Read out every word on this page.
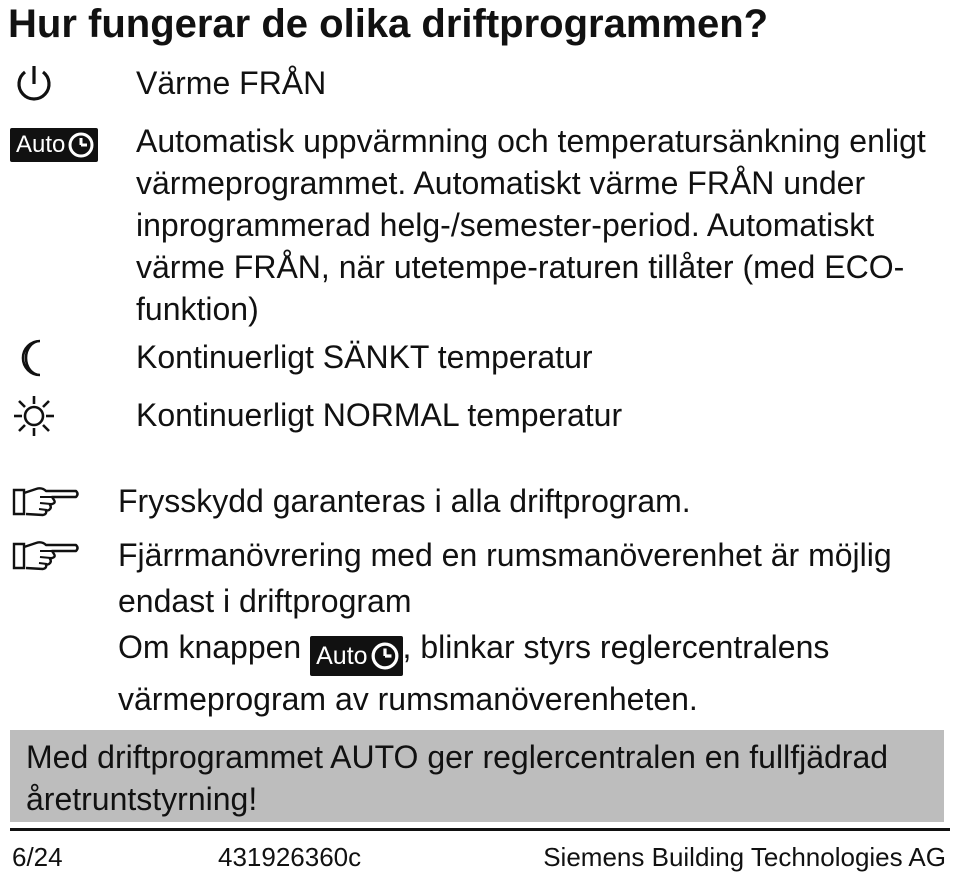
Hur fungerar de olika driftprogrammen?
Värme FRÅN
Auto Automatisk uppvärmning och temperatursänkning enligt värmeprogrammet. Automatiskt värme FRÅN under inprogrammerad helg-/semester-period. Automatiskt värme FRÅN, när utetempe-raturen tillåter (med ECO-funktion)
Kontinuerligt SÄNKT temperatur
Kontinuerligt NORMAL temperatur
Frysskydd garanteras i alla driftprogram.
Fjärrmanövrering med en rumsmanöverenhet är möjlig endast i driftprogram
Om knappen Auto , blinkar styrs reglercentralens värmeprogram av rumsmanöverenheten.
Med driftprogrammet AUTO ger reglercentralen en fullfjädrad åretruntstyrning!
6/24	431926360c	Siemens Building Technologies AG
